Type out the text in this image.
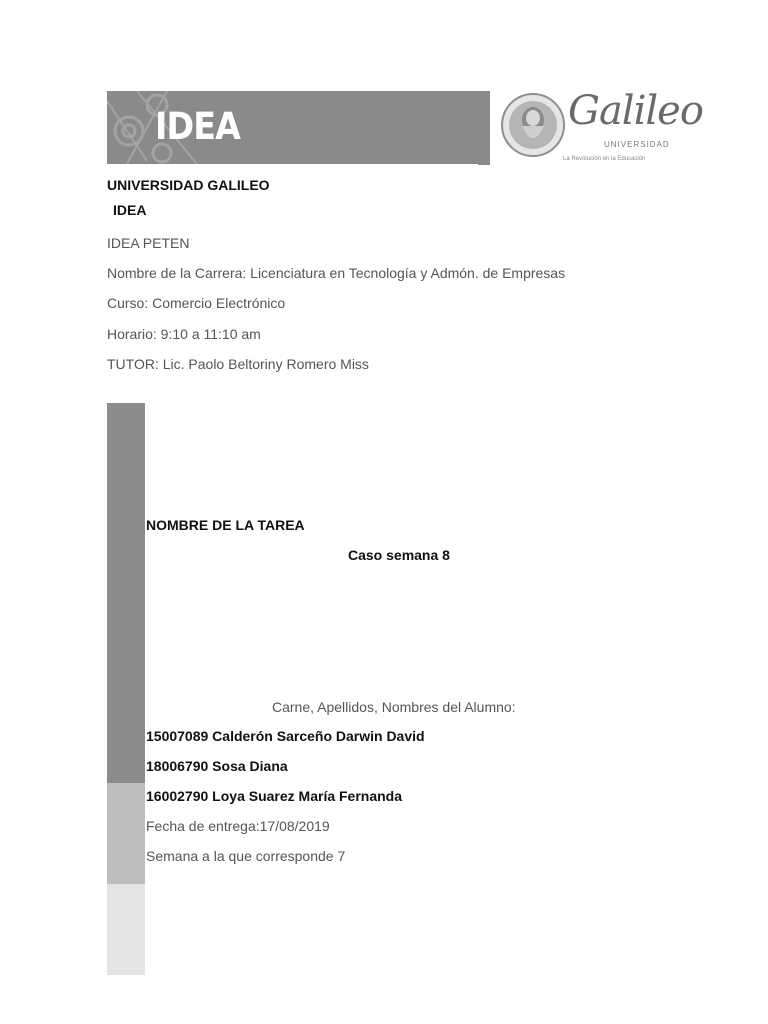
IDEA	Galileo
UNIVERSIDAD
La Revolución en la Educación
UNIVERSIDAD GALILEO
IDEA
IDEA PETEN
Nombre de la Carrera: Licenciatura en Tecnología y Admón. de Empresas
Curso: Comercio Electrónico
Horario: 9:10 a 11:10 am
TUTOR: Lic. Paolo Beltoriny Romero Miss
NOMBRE DE LA TAREA
Caso semana 8
Carne, Apellidos, Nombres del Alumno:
15007089 Calderón Sarceño Darwin David
18006790 Sosa Diana
16002790 Loya Suarez María Fernanda
Fecha de entrega:17/08/2019
Semana a la que corresponde 7
